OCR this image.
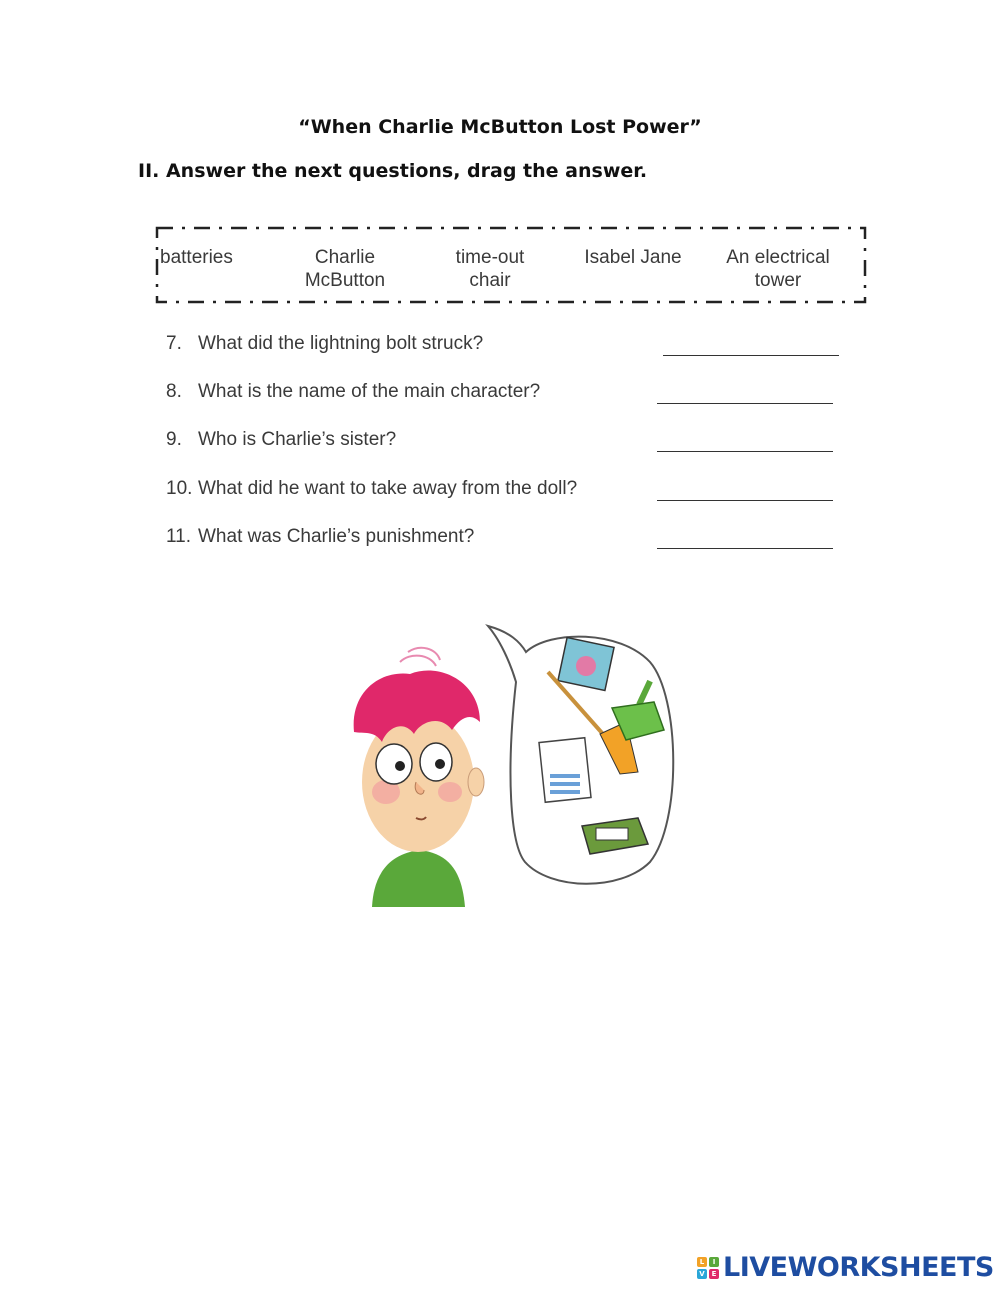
“When Charlie McButton Lost Power”
II. Answer the next questions, drag the answer.
batteries	Charlie
McButton
time-out
chair
Isabel Jane	An electrical
tower
7. What did the lightning bolt struck?
8. What is the name of the main character?
9. Who is Charlie’s sister?
10. What did he want to take away from the doll?
11. What was Charlie’s punishment?
L	I
V E LIVEWORKSHEETS
